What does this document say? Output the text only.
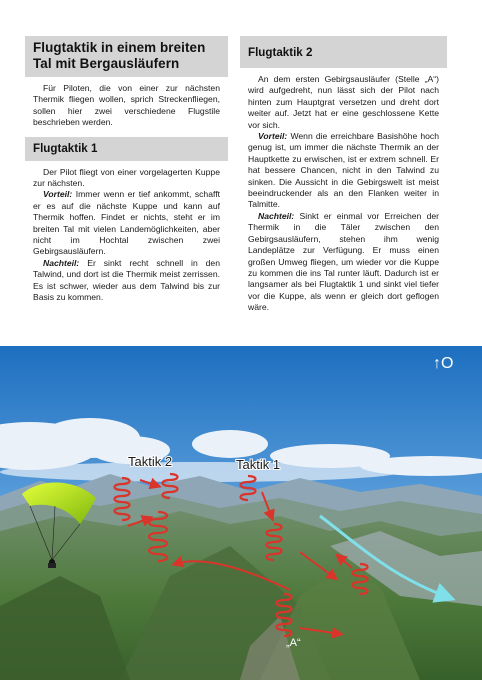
Flugtaktik in einem breiten Tal mit Bergausläufern

Für Piloten, die von einer zur nächsten Thermik fliegen wollen, sprich Streckenfliegen, sollen hier zwei verschiedene Flugstile beschrieben werden.

Flugtaktik 1

Der Pilot fliegt von einer vorgelagerten Kuppe zur nächsten.

Vorteil: Immer wenn er tief ankommt, schafft er es auf die nächste Kuppe und kann auf Thermik hoffen. Findet er nichts, steht er im breiten Tal mit vielen Landemöglichkeiten, aber nicht im Hochtal zwischen zwei Gebirgsausläufern.

Nachteil: Er sinkt recht schnell in den Talwind, und dort ist die Thermik meist zerrissen. Es ist schwer, wieder aus dem Talwind bis zur Basis zu kommen.

Flugtaktik 2

An dem ersten Gebirgsausläufer (Stelle „A“) wird aufgedreht, nun lässt sich der Pilot nach hinten zum Hauptgrat versetzen und dreht dort weiter auf. Jetzt hat er eine geschlossene Kette vor sich.

Vorteil: Wenn die erreichbare Basishöhe hoch genug ist, um immer die nächste Thermik an der Hauptkette zu erwischen, ist er extrem schnell. Er hat bessere Chancen, nicht in den Talwind zu sinken. Die Aussicht in die Gebirgswelt ist meist beeindruckender als an den Flanken weiter in Talmitte.

Nachteil: Sinkt er einmal vor Erreichen der Thermik in die Täler zwischen den Gebirgsausläufern, stehen ihm wenig Landeplätze zur Verfügung. Er muss einen großen Umweg fliegen, um wieder vor die Kuppe zu kommen die ins Tal runter läuft. Dadurch ist er langsamer als bei Flugtaktik 1 und sinkt viel tiefer vor die Kuppe, als wenn er gleich dort geflogen wäre.

Taktik 2	Taktik 1
„A“
↑O
